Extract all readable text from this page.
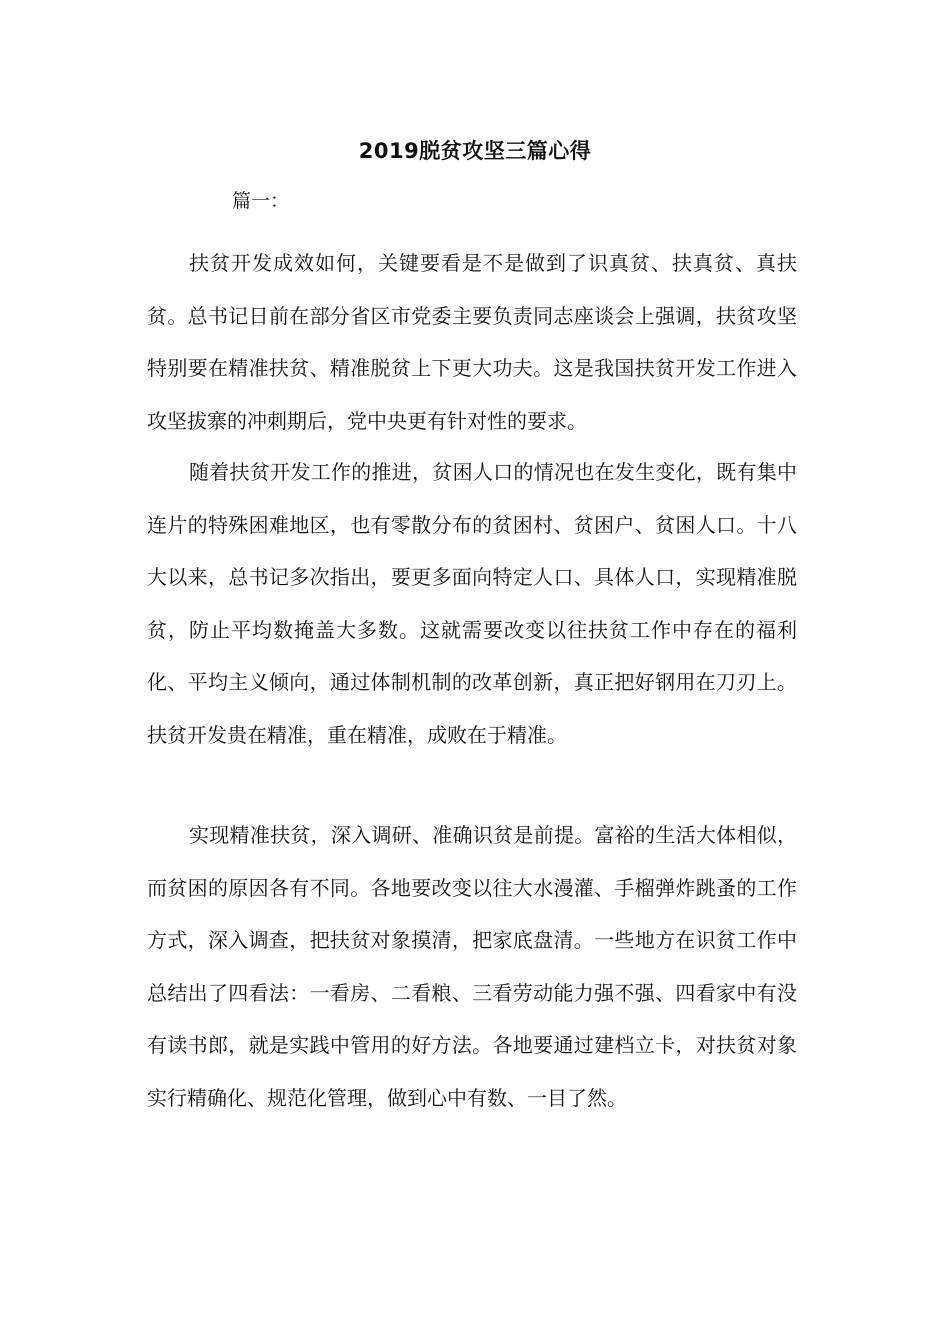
2019脱贫攻坚三篇心得
篇一：

扶贫开发成效如何，关键要看是不是做到了识真贫、扶真贫、真扶贫。总书记日前在部分省区市党委主要负责同志座谈会上强调，扶贫攻坚特别要在精准扶贫、精准脱贫上下更大功夫。这是我国扶贫开发工作进入攻坚拔寨的冲刺期后，党中央更有针对性的要求。

随着扶贫开发工作的推进，贫困人口的情况也在发生变化，既有集中连片的特殊困难地区，也有零散分布的贫困村、贫困户、贫困人口。十八大以来，总书记多次指出，要更多面向特定人口、具体人口，实现精准脱贫，防止平均数掩盖大多数。这就需要改变以往扶贫工作中存在的福利化、平均主义倾向，通过体制机制的改革创新，真正把好钢用在刀刃上。扶贫开发贵在精准，重在精准，成败在于精准。

实现精准扶贫，深入调研、准确识贫是前提。富裕的生活大体相似，而贫困的原因各有不同。各地要改变以往大水漫灌、手榴弹炸跳蚤的工作方式，深入调查，把扶贫对象摸清，把家底盘清。一些地方在识贫工作中总结出了四看法：一看房、二看粮、三看劳动能力强不强、四看家中有没有读书郎，就是实践中管用的好方法。各地要通过建档立卡，对扶贫对象实行精确化、规范化管理，做到心中有数、一目了然。
